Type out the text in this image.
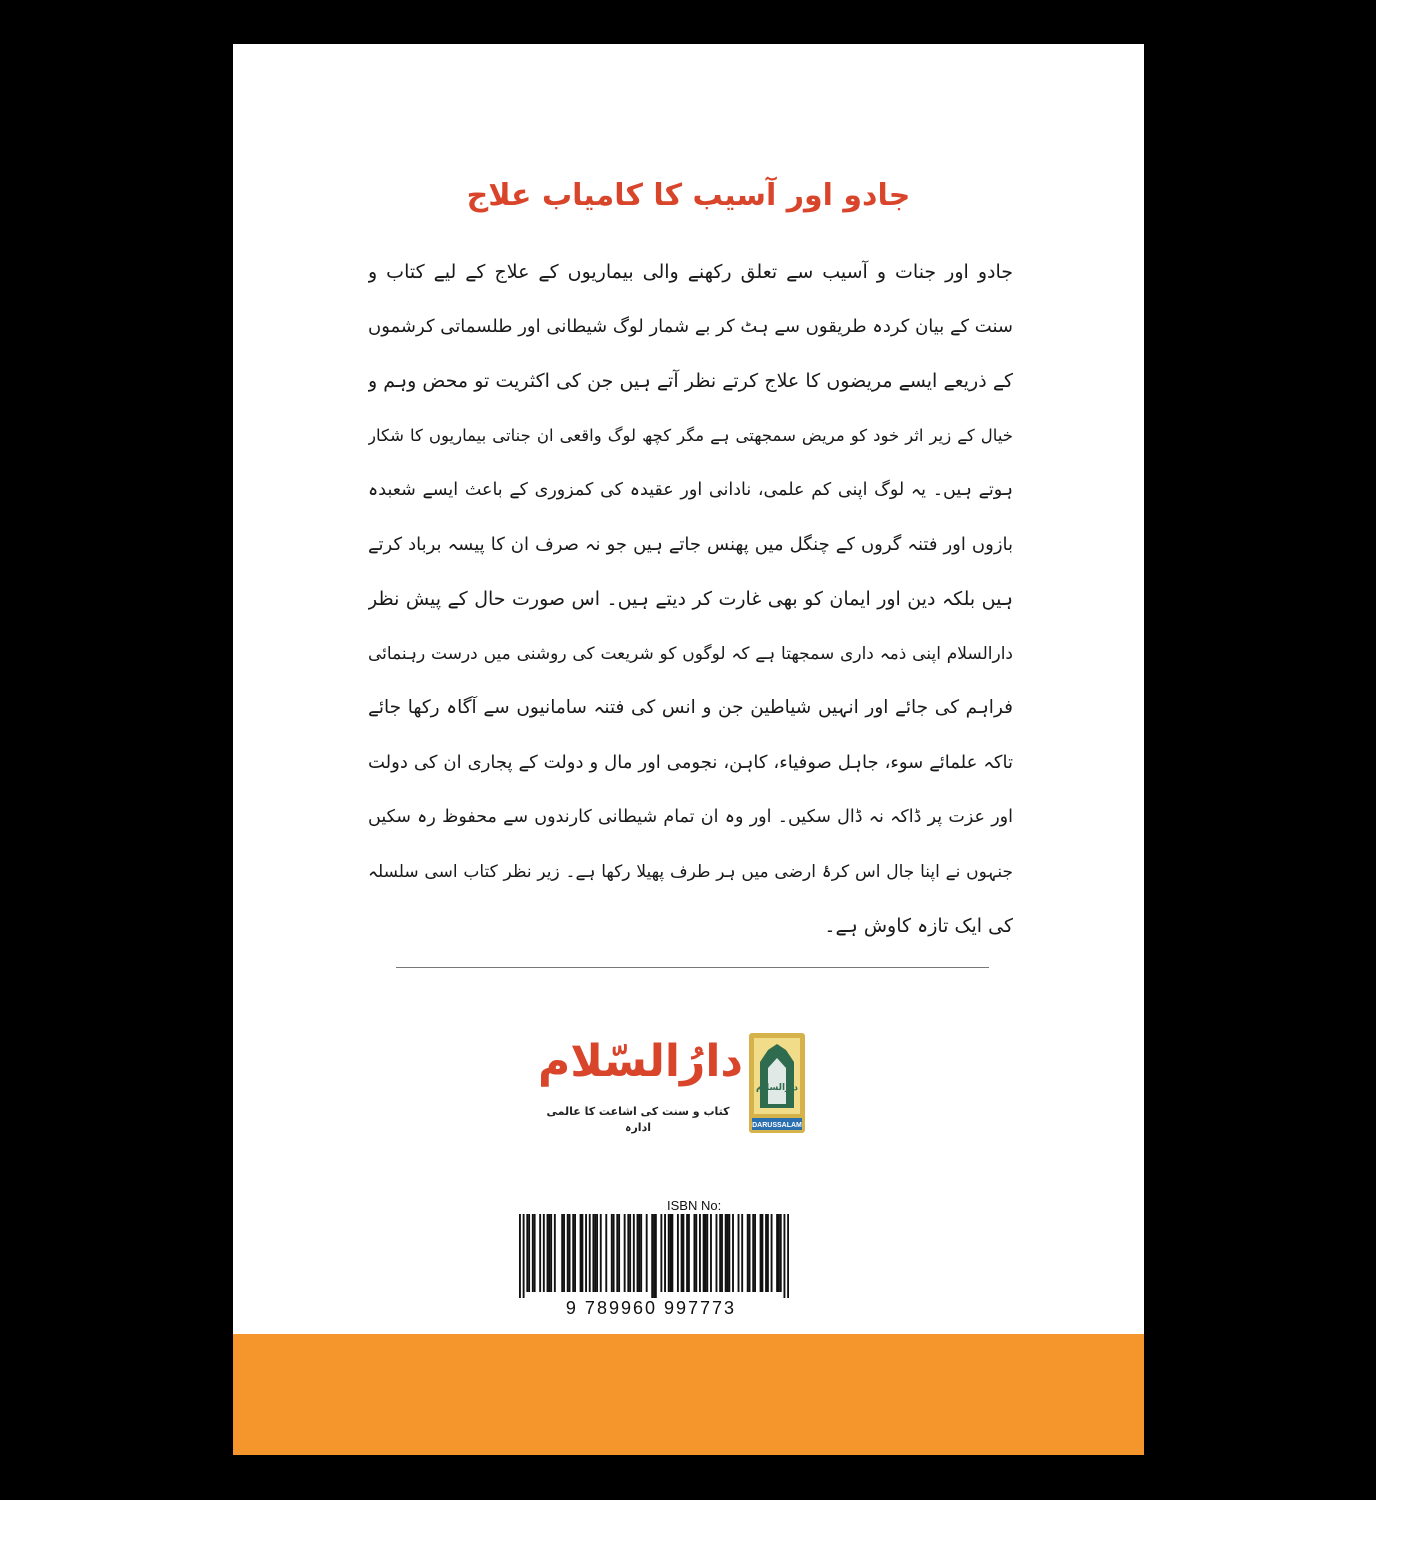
جادو اور آسیب کا کامیاب علاج
جادو اور جنات و آسیب سے تعلق رکھنے والی بیماریوں کے علاج کے لیے کتاب و
سنت کے بیان کردہ طریقوں سے ہٹ کر بے شمار لوگ شیطانی اور طلسماتی کرشموں
کے ذریعے ایسے مریضوں کا علاج کرتے نظر آتے ہیں جن کی اکثریت تو محض وہم و
خیال کے زیر اثر خود کو مریض سمجھتی ہے مگر کچھ لوگ واقعی ان جناتی بیماریوں کا شکار
ہوتے ہیں۔ یہ لوگ اپنی کم علمی، نادانی اور عقیدہ کی کمزوری کے باعث ایسے شعبدہ
بازوں اور فتنہ گروں کے چنگل میں پھنس جاتے ہیں جو نہ صرف ان کا پیسہ برباد کرتے
ہیں بلکہ دین اور ایمان کو بھی غارت کر دیتے ہیں۔ اس صورت حال کے پیش نظر
دارالسلام اپنی ذمہ داری سمجھتا ہے کہ لوگوں کو شریعت کی روشنی میں درست رہنمائی
فراہم کی جائے اور انہیں شیاطین جن و انس کی فتنہ سامانیوں سے آگاہ رکھا جائے
تاکہ علمائے سوء، جاہل صوفیاء، کاہن، نجومی اور مال و دولت کے پجاری ان کی دولت
اور عزت پر ڈاکہ نہ ڈال سکیں۔ اور وہ ان تمام شیطانی کارندوں سے محفوظ رہ سکیں
جنہوں نے اپنا جال اس کرۂ ارضی میں ہر طرف پھیلا رکھا ہے۔ زیر نظر کتاب اسی سلسلہ
کی ایک تازہ کاوش ہے۔
دارالسلام
DARUSSALAM
دارُالسّلام
کتاب و سنت کی اشاعت کا عالمی ادارہ
ISBN No:
9 789960 997773
